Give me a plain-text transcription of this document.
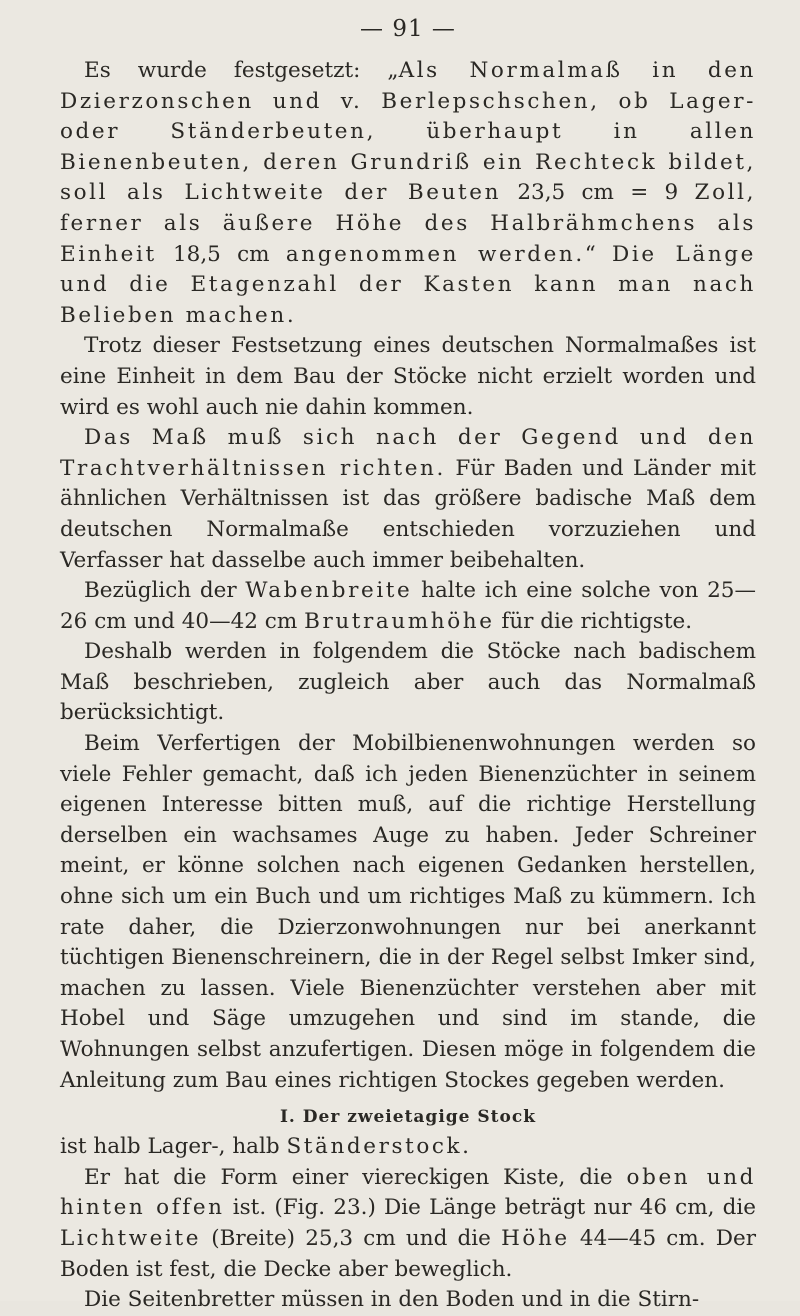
— 91 —

Es wurde festgesetzt: „Als Normalmaß in den Dzierzonschen und v. Berlepschschen, ob Lager- oder Ständerbeuten, überhaupt in allen Bienenbeuten, deren Grundriß ein Rechteck bildet, soll als Lichtweite der Beuten 23,5 cm = 9 Zoll, ferner als äußere Höhe des Halbrähmchens als Einheit 18,5 cm angenommen werden.“ Die Länge und die Etagenzahl der Kasten kann man nach Belieben machen.

Trotz dieser Festsetzung eines deutschen Normalmaßes ist eine Einheit in dem Bau der Stöcke nicht erzielt worden und wird es wohl auch nie dahin kommen.

Das Maß muß sich nach der Gegend und den Trachtverhältnissen richten. Für Baden und Länder mit ähnlichen Verhältnissen ist das größere badische Maß dem deutschen Normalmaße entschieden vorzuziehen und Verfasser hat dasselbe auch immer beibehalten.

Bezüglich der Wabenbreite halte ich eine solche von 25—26 cm und 40—42 cm Brutraumhöhe für die richtigste.

Deshalb werden in folgendem die Stöcke nach badischem Maß beschrieben, zugleich aber auch das Normalmaß berücksichtigt.

Beim Verfertigen der Mobilbienenwohnungen werden so viele Fehler gemacht, daß ich jeden Bienenzüchter in seinem eigenen Interesse bitten muß, auf die richtige Herstellung derselben ein wachsames Auge zu haben. Jeder Schreiner meint, er könne solchen nach eigenen Gedanken herstellen, ohne sich um ein Buch und um richtiges Maß zu kümmern. Ich rate daher, die Dzierzonwohnungen nur bei anerkannt tüchtigen Bienenschreinern, die in der Regel selbst Imker sind, machen zu lassen. Viele Bienenzüchter verstehen aber mit Hobel und Säge umzugehen und sind im stande, die Wohnungen selbst anzufertigen. Diesen möge in folgendem die Anleitung zum Bau eines richtigen Stockes gegeben werden.

I. Der zweietagige Stock

ist halb Lager-, halb Ständerstock.

Er hat die Form einer viereckigen Kiste, die oben und hinten offen ist. (Fig. 23.) Die Länge beträgt nur 46 cm, die Lichtweite (Breite) 25,3 cm und die Höhe 44—45 cm. Der Boden ist fest, die Decke aber beweglich.

Die Seitenbretter müssen in den Boden und in die Stirn-
